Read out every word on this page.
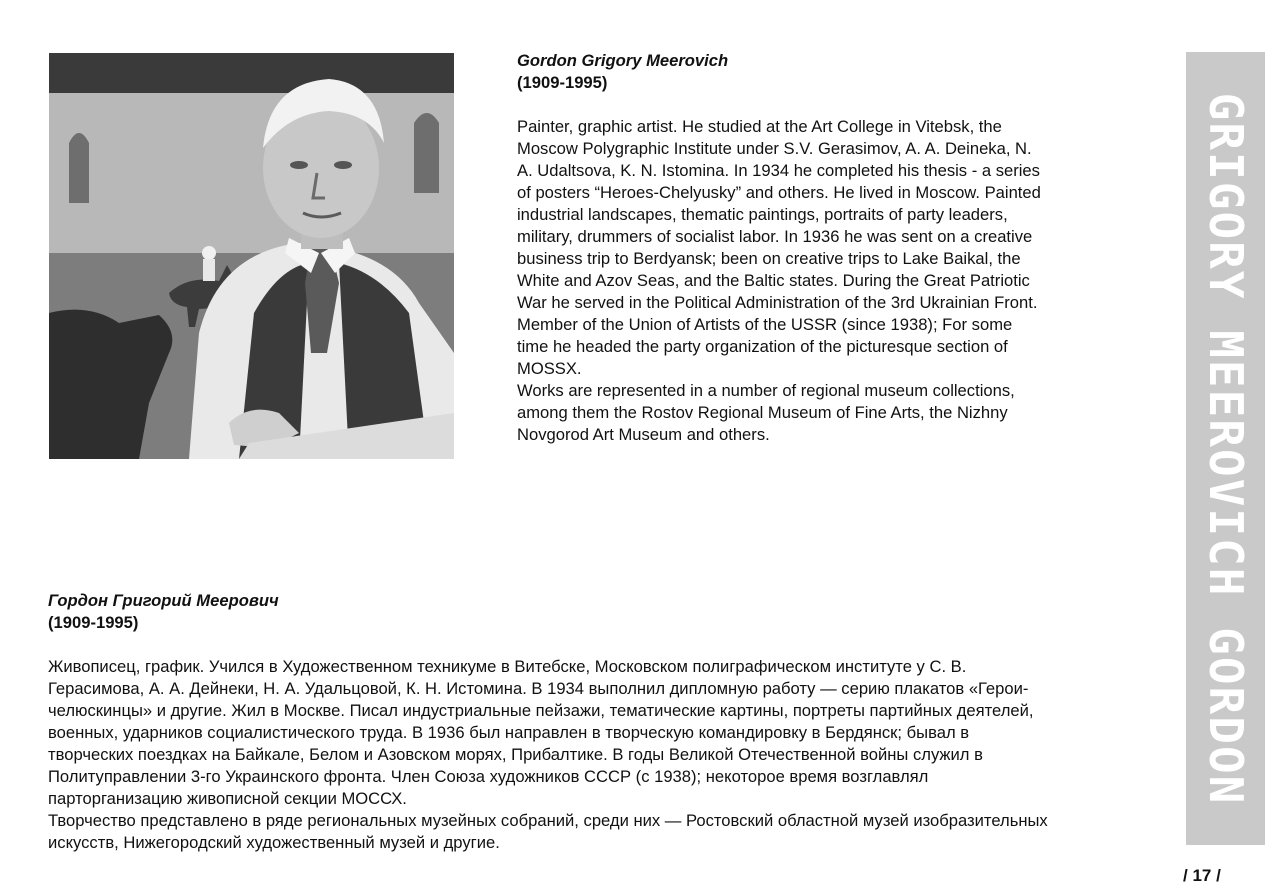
Gordon Grigory Meerovich

(1909-1995)

Painter, graphic artist. He studied at the Art College in Vitebsk, the Moscow Polygraphic Institute under S.V. Gerasimov, A. A. Deineka, N. A. Udaltsova, K. N. Istomina. In 1934 he completed his thesis - a series of posters “Heroes-Chelyusky” and others. He lived in Moscow. Painted industrial landscapes, thematic paintings, portraits of party leaders, military, drummers of socialist labor. In 1936 he was sent on a creative business trip to Berdyansk; been on creative trips to Lake Baikal, the White and Azov Seas, and the Baltic states. During the Great Patriotic War he served in the Political Administration of the 3rd Ukrainian Front. Member of the Union of Artists of the USSR (since 1938); For some time he headed the party organization of the picturesque section of MOSSX.

Works are represented in a number of regional museum collections, among them the Rostov Regional Museum of Fine Arts, the Nizhny Novgorod Art Museum and others.

Гордон Григорий Меерович

(1909-1995)

Живописец, график. Учился в Художественном техникуме в Витебске, Московском полиграфическом институте у С. В. Герасимова, А. А. Дейнеки, Н. А. Удальцовой, К. Н. Истомина. В 1934 выполнил дипломную работу — серию плакатов «Герои-челюскинцы» и другие. Жил в Москве. Писал индустриальные пейзажи, тематические картины, портреты партийных деятелей, военных, ударников социалистического труда. В 1936 был направлен в творческую командировку в Бердянск; бывал в творческих поездках на Байкале, Белом и Азовском морях, Прибалтике. В годы Великой Отечественной войны служил в Политуправлении 3-го Украинского фронта. Член Союза художников СССР (с 1938); некоторое время возглавлял парторганизацию живописной секции МОССХ.

Творчество представлено в ряде региональных музейных собраний, среди них — Ростовский областной музей изобразительных искусств, Нижегородский художественный музей и другие.

GRIGORY MEEROVICH GORDON
/ 17 /
